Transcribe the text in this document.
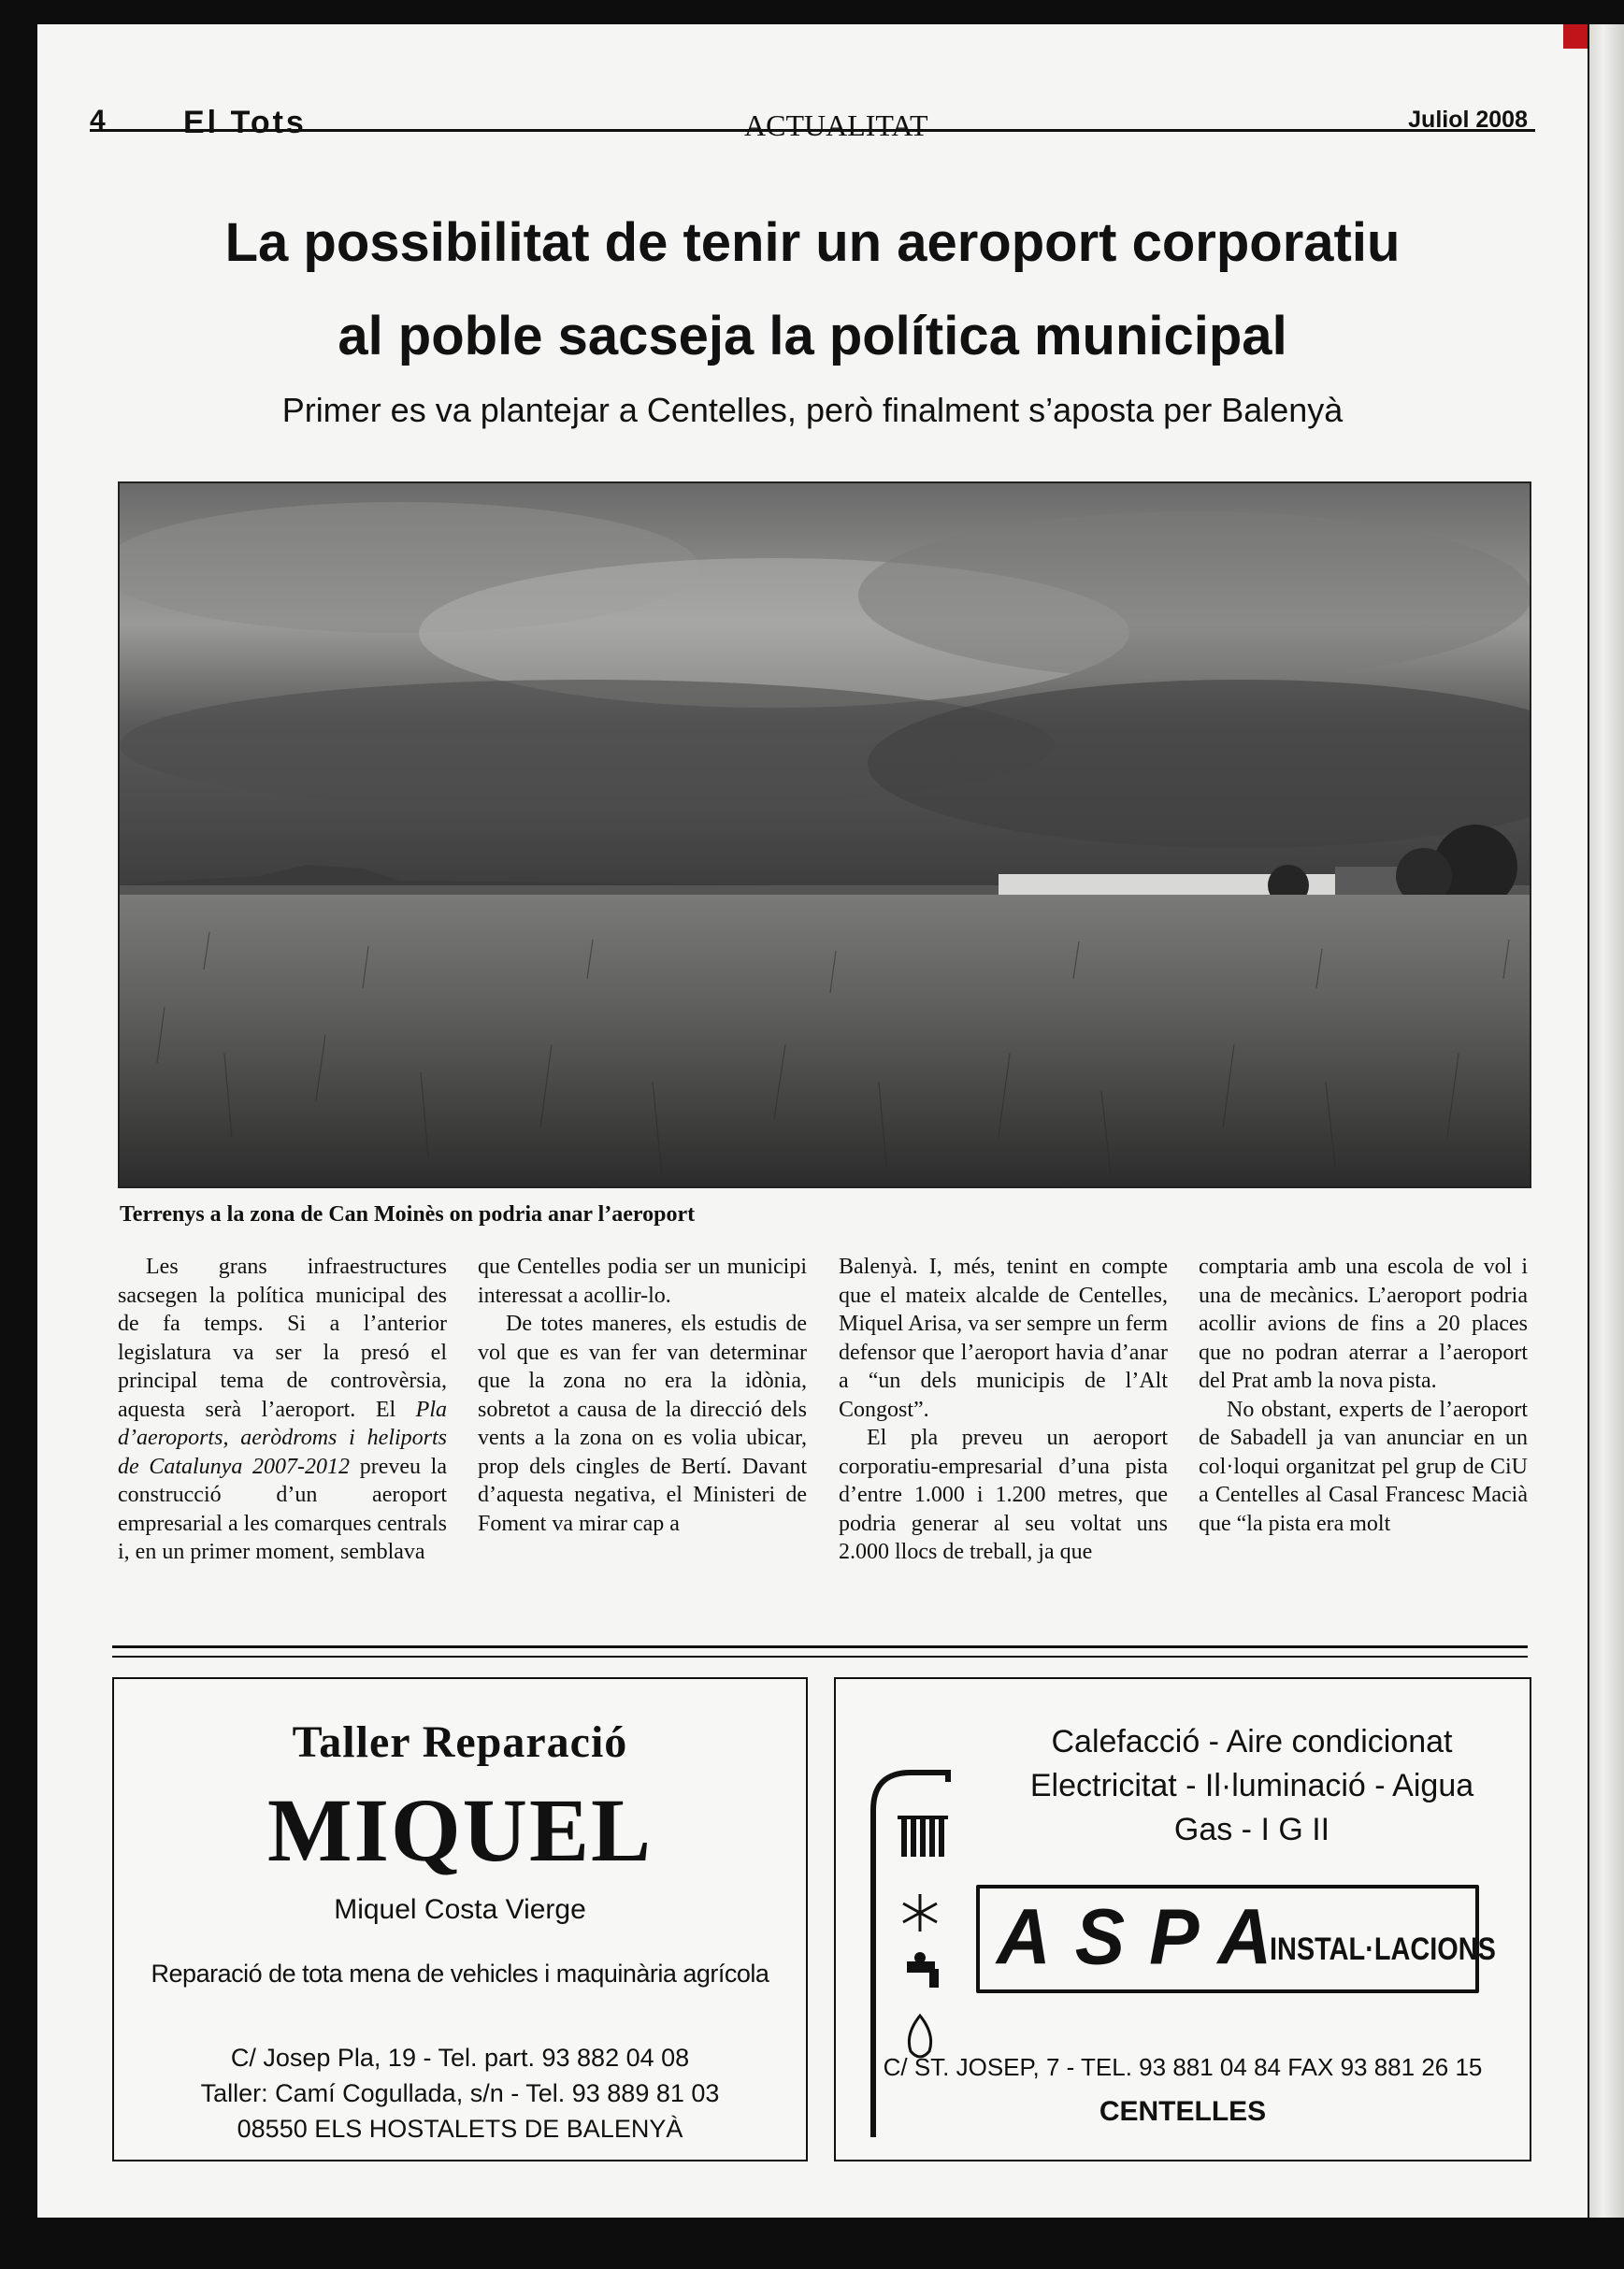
4 El Tots	ACTUALITAT	Juliol 2008
La possibilitat de tenir un aeroport corporatiu
al poble sacseja la política municipal
Primer es va plantejar a Centelles, però finalment s’aposta per Balenyà
Terrenys a la zona de Can Moinès on podria anar l’aeroport

Les grans infraestructures sacsegen la política municipal des de fa temps. Si a l’anterior legislatura va ser la presó el principal tema de controvèrsia, aquesta serà l’aeroport. El Pla d’aeroports, aeròdroms i heliports de Catalunya 2007-2012 preveu la construcció d’un aeroport empresarial a les comarques centrals i, en un primer moment, semblava

que Centelles podia ser un municipi interessat a acollir-lo.

De totes maneres, els estudis de vol que es van fer van determinar que la zona no era la idònia, sobretot a causa de la direcció dels vents a la zona on es volia ubicar, prop dels cingles de Bertí. Davant d’aquesta negativa, el Ministeri de Foment va mirar cap a

Balenyà. I, més, tenint en compte que el mateix alcalde de Centelles, Miquel Arisa, va ser sempre un ferm defensor que l’aeroport havia d’anar a “un dels municipis de l’Alt Congost”.

El pla preveu un aeroport corporatiu-empresarial d’una pista d’entre 1.000 i 1.200 metres, que podria generar al seu voltat uns 2.000 llocs de treball, ja que

comptaria amb una escola de vol i una de mecànics. L’aeroport podria acollir avions de fins a 20 places que no podran aterrar a l’aeroport del Prat amb la nova pista.

No obstant, experts de l’aeroport de Sabadell ja van anunciar en un col·loqui organitzat pel grup de CiU a Centelles al Casal Francesc Macià que “la pista era molt

Taller Reparació
MIQUEL
Miquel Costa Vierge
Reparació de tota mena de vehicles i maquinària agrícola
C/ Josep Pla, 19 - Tel. part. 93 882 04 08
Taller: Camí Cogullada, s/n - Tel. 93 889 81 03
08550 ELS HOSTALETS DE BALENYÀ
Calefacció - Aire condicionat
Electricitat - Il·luminació - Aigua
Gas - I G II
ASPA
INSTAL·LACIONS
C/ ST. JOSEP, 7 - TEL. 93 881 04 84 FAX 93 881 26 15
CENTELLES
